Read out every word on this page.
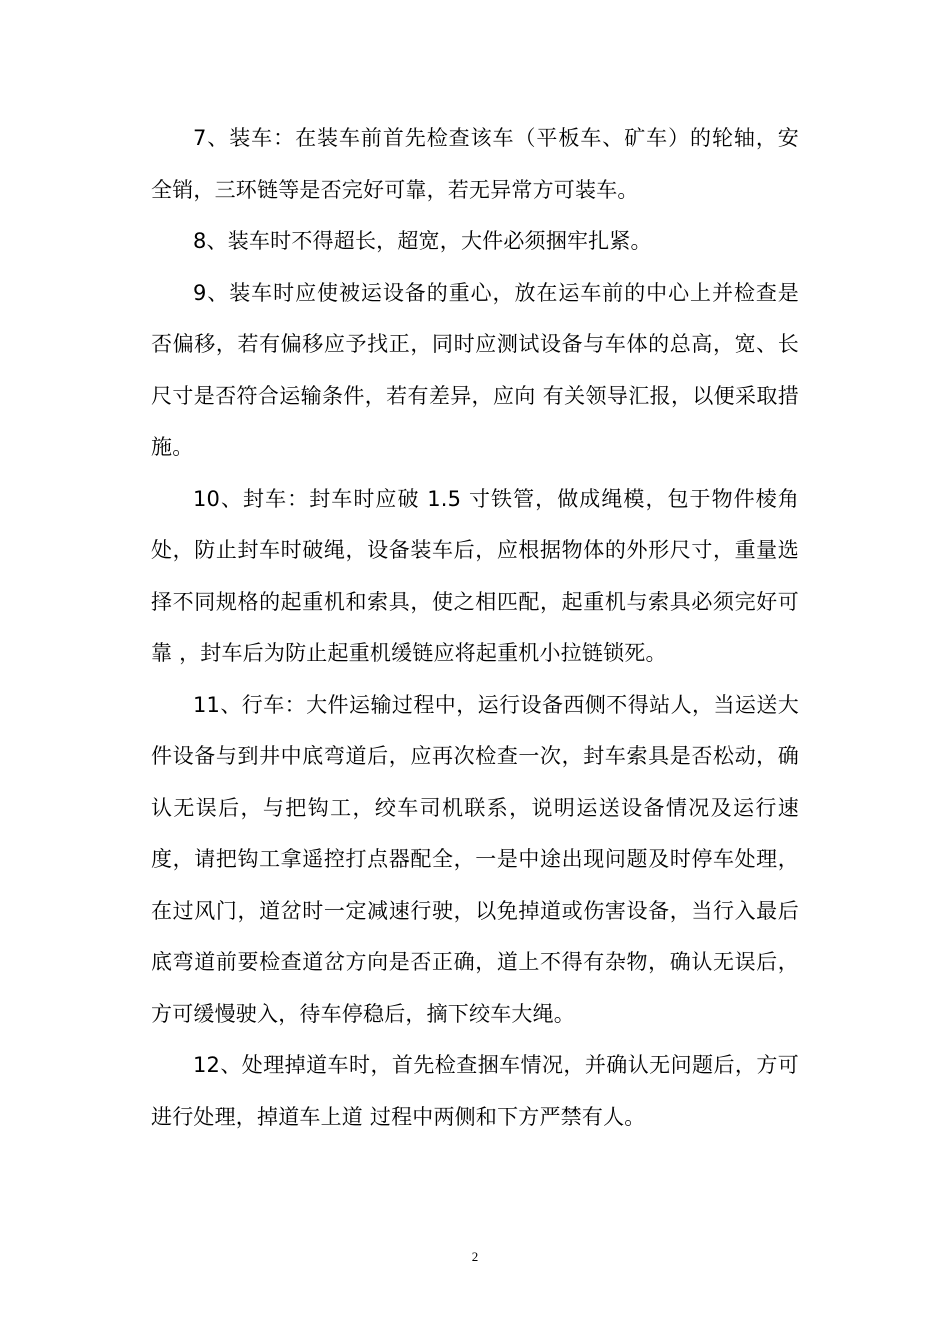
7、装车：在装车前首先检查该车（平板车、矿车）的轮轴，安全销，三环链等是否完好可靠，若无异常方可装车。

8、装车时不得超长，超宽，大件必须捆牢扎紧。

9、装车时应使被运设备的重心，放在运车前的中心上并检查是否偏移，若有偏移应予找正，同时应测试设备与车体的总高，宽、长尺寸是否符合运输条件，若有差异，应向 有关领导汇报，以便采取措施。

10、封车：封车时应破 1.5 寸铁管，做成绳模，包于物件棱角处，防止封车时破绳，设备装车后，应根据物体的外形尺寸，重量选择不同规格的起重机和索具，使之相匹配，起重机与索具必须完好可靠 ，封车后为防止起重机缓链应将起重机小拉链锁死。

11、行车：大件运输过程中，运行设备西侧不得站人，当运送大件设备与到井中底弯道后，应再次检查一次，封车索具是否松动，确认无误后，与把钩工，绞车司机联系，说明运送设备情况及运行速度，请把钩工拿遥控打点器配全，一是中途出现问题及时停车处理，在过风门，道岔时一定减速行驶，以免掉道或伤害设备，当行入最后底弯道前要检查道岔方向是否正确，道上不得有杂物，确认无误后，方可缓慢驶入，待车停稳后，摘下绞车大绳。

12、处理掉道车时，首先检查捆车情况，并确认无问题后，方可进行处理，掉道车上道 过程中两侧和下方严禁有人。

2
